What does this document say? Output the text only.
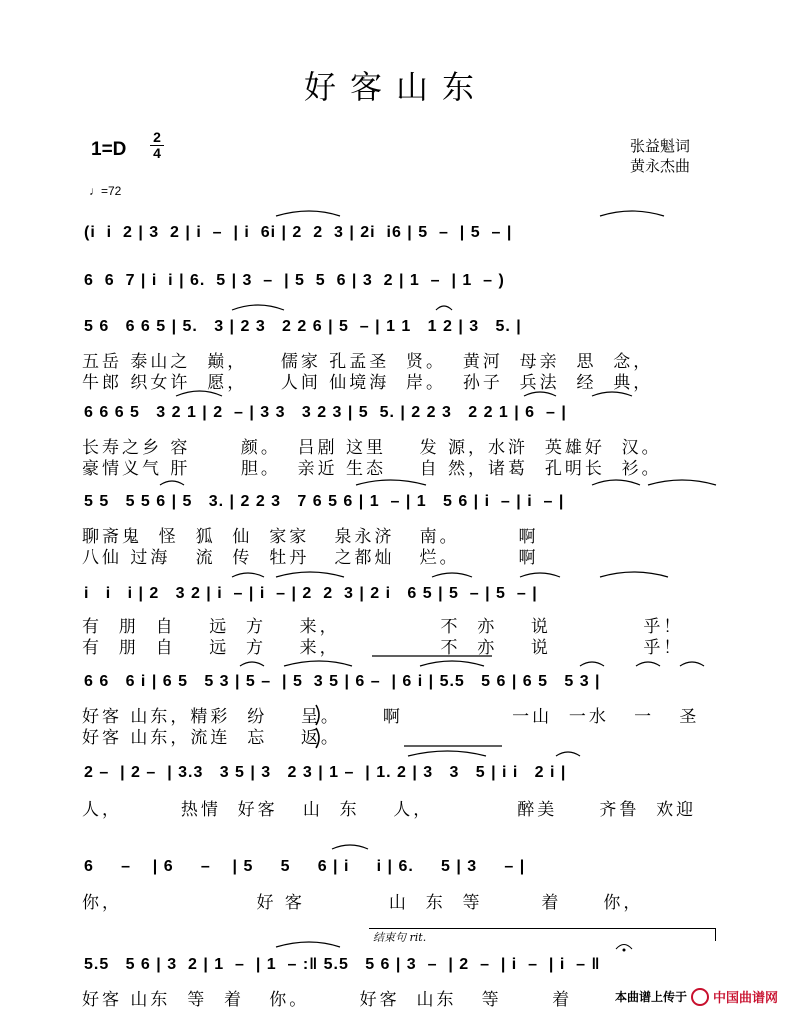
好客山东
$1=D \frac{2}{4}$	张益魁词
黄永杰曲
♩=72
(i  i  2 | 3  2 | i  –  | i  6i | 2  2  3 | 2i  i6 | 5  –  | 5  – |
6  6  7 | i  i | 6.  5 | 3  –  | 5  5  6 | 3  2 | 1  –  | 1  – )
5 6   6 6 5 | 5.   3 | 2 3   2 2 6 | 5  – | 1 1   1 2 | 3   5. |
6 6 6 5   3 2 1 | 2  – | 3 3   3 2 3 | 5  5. | 2 2 3   2 2 1 | 6  – |
5 5   5 5 6 | 5   3. | 2 2 3   7 6 5 6 | 1  – | 1   5 6 | i  – | i  – |
i   i   i | 2   3 2 | i  – | i  – | 2  2  3 | 2 i   6 5 | 5  – | 5  – |
6 6   6 i | 6 5   5 3 | 5 –  | 5  3 5 | 6 –  | 6 i | 5.5   5 6 | 6 5   5 3 |
2 –  | 2 –  | 3.3   3 5 | 3   2 3 | 1 –  | 1. 2 | 3   3   5 | i i   2 i |
6     –    | 6     –    | 5     5     6 | i     i | 6.     5 | 3     – |
5.5   5 6 | 3  2 | 1  –  | 1  – :‖ 5.5   5 6 | 3  –  | 2  –  | i  –  | i  – ‖
五岳 泰山之  巅，    儒家 孔孟圣  贤。  黄河  母亲  思  念，
牛郎 织女许  愿，    人间 仙境海  岸。  孙子  兵法  经  典，
长寿之乡 容      颜。  吕剧 这里    发 源，水浒  英雄好  汉。
豪情义气 肝      胆。  亲近 生态    自 然，诸葛  孔明长  衫。
聊斋鬼  怪  狐  仙  家家   泉永济   南。       啊
八仙 过海   流  传  牡丹   之都灿   烂。       啊
有  朋  自    远  方    来，            不  亦    说           乎！
有  朋  自    远  方    来，            不  亦    说           乎！
好客 山东，精彩  纷    呈。     啊             一山  一水   一   圣
好客 山东，流连  忘    返。
人，       热情  好客   山  东    人，          醉美     齐鲁  欢迎
你，                好 客          山  东  等       着     你，
好客 山东  等  着   你。      好客  山东   等      着
结束句 rit.
本曲谱上传于 中国曲谱网
